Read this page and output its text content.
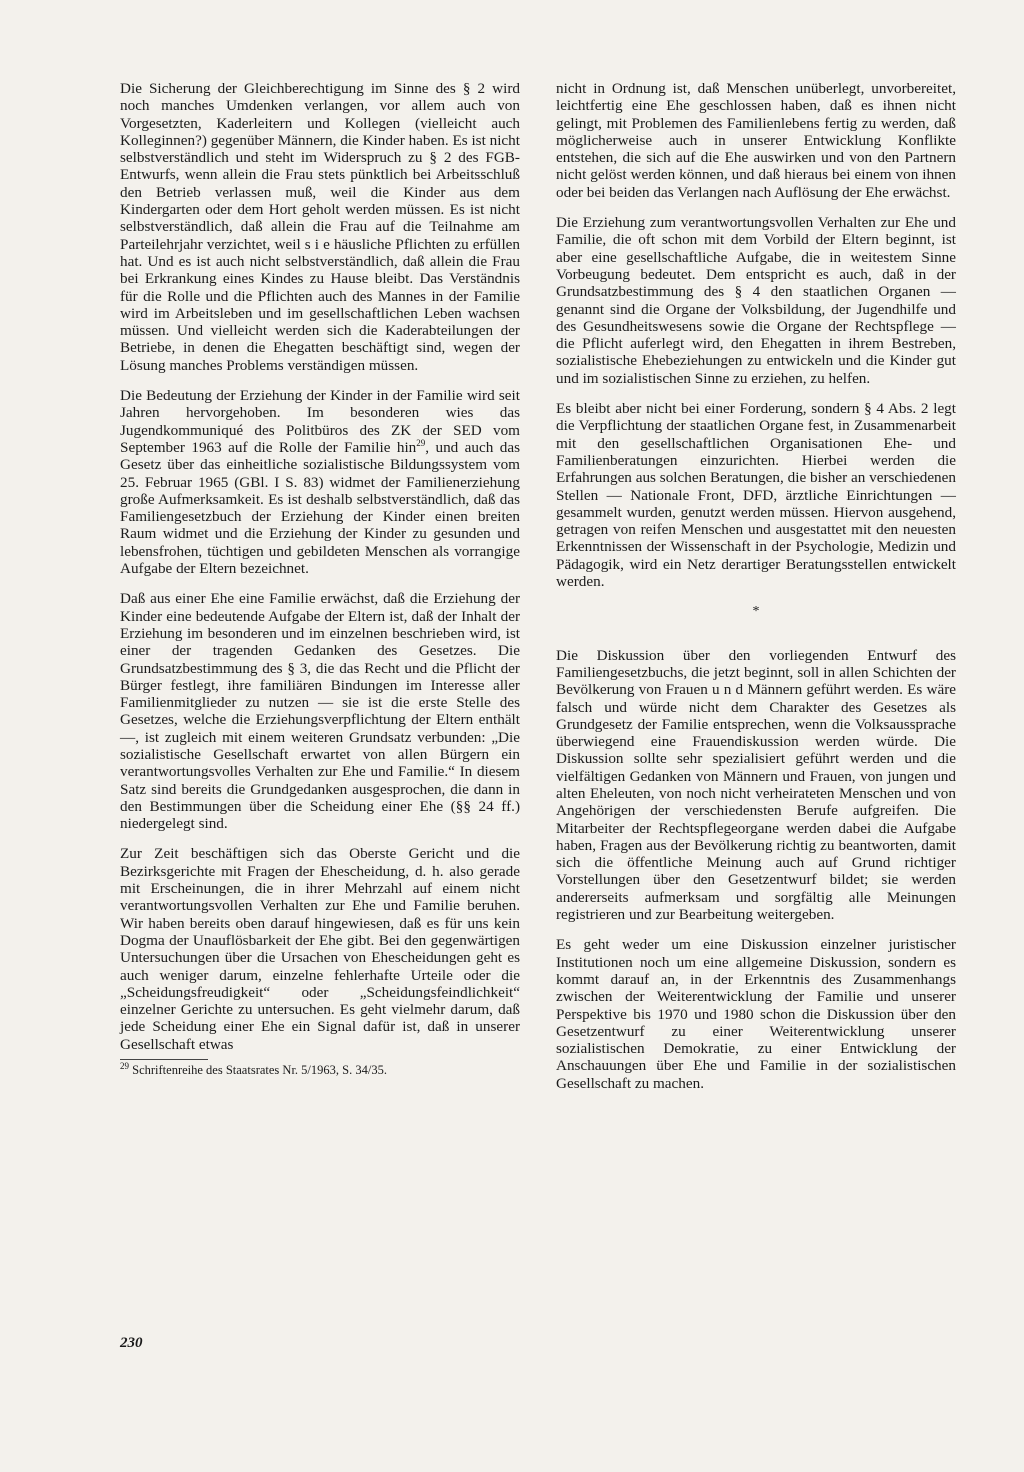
Die Sicherung der Gleichberechtigung im Sinne des § 2 wird noch manches Umdenken verlangen, vor allem auch von Vorgesetzten, Kaderleitern und Kollegen (vielleicht auch Kolleginnen?) gegenüber Männern, die Kinder haben. Es ist nicht selbstverständlich und steht im Widerspruch zu § 2 des FGB-Entwurfs, wenn allein die Frau stets pünktlich bei Arbeitsschluß den Betrieb verlassen muß, weil die Kinder aus dem Kindergarten oder dem Hort geholt werden müssen. Es ist nicht selbstverständlich, daß allein die Frau auf die Teilnahme am Parteilehrjahr verzichtet, weil s i e häusliche Pflichten zu erfüllen hat. Und es ist auch nicht selbstverständlich, daß allein die Frau bei Erkrankung eines Kindes zu Hause bleibt. Das Verständnis für die Rolle und die Pflichten auch des Mannes in der Familie wird im Arbeitsleben und im gesellschaftlichen Leben wachsen müssen. Und vielleicht werden sich die Kaderabteilungen der Betriebe, in denen die Ehegatten beschäftigt sind, wegen der Lösung manches Problems verständigen müssen.

Die Bedeutung der Erziehung der Kinder in der Familie wird seit Jahren hervorgehoben. Im besonderen wies das Jugendkommuniqué des Politbüros des ZK der SED vom September 1963 auf die Rolle der Familie hin$^{29}$, und auch das Gesetz über das einheitliche sozialistische Bildungssystem vom 25. Februar 1965 (GBl. I S. 83) widmet der Familienerziehung große Aufmerksamkeit. Es ist deshalb selbstverständlich, daß das Familiengesetzbuch der Erziehung der Kinder einen breiten Raum widmet und die Erziehung der Kinder zu gesunden und lebensfrohen, tüchtigen und gebildeten Menschen als vorrangige Aufgabe der Eltern bezeichnet.

Daß aus einer Ehe eine Familie erwächst, daß die Erziehung der Kinder eine bedeutende Aufgabe der Eltern ist, daß der Inhalt der Erziehung im besonderen und im einzelnen beschrieben wird, ist einer der tragenden Gedanken des Gesetzes. Die Grundsatzbestimmung des § 3, die das Recht und die Pflicht der Bürger festlegt, ihre familiären Bindungen im Interesse aller Familienmitglieder zu nutzen — sie ist die erste Stelle des Gesetzes, welche die Erziehungsverpflichtung der Eltern enthält —, ist zugleich mit einem weiteren Grundsatz verbunden: „Die sozialistische Gesellschaft erwartet von allen Bürgern ein verantwortungsvolles Verhalten zur Ehe und Familie.“ In diesem Satz sind bereits die Grundgedanken ausgesprochen, die dann in den Bestimmungen über die Scheidung einer Ehe (§§ 24 ff.) niedergelegt sind.

Zur Zeit beschäftigen sich das Oberste Gericht und die Bezirksgerichte mit Fragen der Ehescheidung, d. h. also gerade mit Erscheinungen, die in ihrer Mehrzahl auf einem nicht verantwortungsvollen Verhalten zur Ehe und Familie beruhen. Wir haben bereits oben darauf hingewiesen, daß es für uns kein Dogma der Unauflösbarkeit der Ehe gibt. Bei den gegenwärtigen Untersuchungen über die Ursachen von Ehescheidungen geht es auch weniger darum, einzelne fehlerhafte Urteile oder die „Scheidungsfreudigkeit“ oder „Scheidungsfeindlichkeit“ einzelner Gerichte zu untersuchen. Es geht vielmehr darum, daß jede Scheidung einer Ehe ein Signal dafür ist, daß in unserer Gesellschaft etwas

$^{29}$ Schriftenreihe des Staatsrates Nr. 5/1963, S. 34/35.

nicht in Ordnung ist, daß Menschen unüberlegt, unvorbereitet, leichtfertig eine Ehe geschlossen haben, daß es ihnen nicht gelingt, mit Problemen des Familienlebens fertig zu werden, daß möglicherweise auch in unserer Entwicklung Konflikte entstehen, die sich auf die Ehe auswirken und von den Partnern nicht gelöst werden können, und daß hieraus bei einem von ihnen oder bei beiden das Verlangen nach Auflösung der Ehe erwächst.

Die Erziehung zum verantwortungsvollen Verhalten zur Ehe und Familie, die oft schon mit dem Vorbild der Eltern beginnt, ist aber eine gesellschaftliche Aufgabe, die in weitestem Sinne Vorbeugung bedeutet. Dem entspricht es auch, daß in der Grundsatzbestimmung des § 4 den staatlichen Organen — genannt sind die Organe der Volksbildung, der Jugendhilfe und des Gesundheitswesens sowie die Organe der Rechtspflege — die Pflicht auferlegt wird, den Ehegatten in ihrem Bestreben, sozialistische Ehebeziehungen zu entwickeln und die Kinder gut und im sozialistischen Sinne zu erziehen, zu helfen.

Es bleibt aber nicht bei einer Forderung, sondern § 4 Abs. 2 legt die Verpflichtung der staatlichen Organe fest, in Zusammenarbeit mit den gesellschaftlichen Organisationen Ehe- und Familienberatungen einzurichten. Hierbei werden die Erfahrungen aus solchen Beratungen, die bisher an verschiedenen Stellen — Nationale Front, DFD, ärztliche Einrichtungen — gesammelt wurden, genutzt werden müssen. Hiervon ausgehend, getragen von reifen Menschen und ausgestattet mit den neuesten Erkenntnissen der Wissenschaft in der Psychologie, Medizin und Pädagogik, wird ein Netz derartiger Beratungsstellen entwickelt werden.

*

Die Diskussion über den vorliegenden Entwurf des Familiengesetzbuchs, die jetzt beginnt, soll in allen Schichten der Bevölkerung von Frauen u n d Männern geführt werden. Es wäre falsch und würde nicht dem Charakter des Gesetzes als Grundgesetz der Familie entsprechen, wenn die Volksaussprache überwiegend eine Frauendiskussion werden würde. Die Diskussion sollte sehr spezialisiert geführt werden und die vielfältigen Gedanken von Männern und Frauen, von jungen und alten Eheleuten, von noch nicht verheirateten Menschen und von Angehörigen der verschiedensten Berufe aufgreifen. Die Mitarbeiter der Rechtspflegeorgane werden dabei die Aufgabe haben, Fragen aus der Bevölkerung richtig zu beantworten, damit sich die öffentliche Meinung auch auf Grund richtiger Vorstellungen über den Gesetzentwurf bildet; sie werden andererseits aufmerksam und sorgfältig alle Meinungen registrieren und zur Bearbeitung weitergeben.

Es geht weder um eine Diskussion einzelner juristischer Institutionen noch um eine allgemeine Diskussion, sondern es kommt darauf an, in der Erkenntnis des Zusammenhangs zwischen der Weiterentwicklung der Familie und unserer Perspektive bis 1970 und 1980 schon die Diskussion über den Gesetzentwurf zu einer Weiterentwicklung unserer sozialistischen Demokratie, zu einer Entwicklung der Anschauungen über Ehe und Familie in der sozialistischen Gesellschaft zu machen.

230
